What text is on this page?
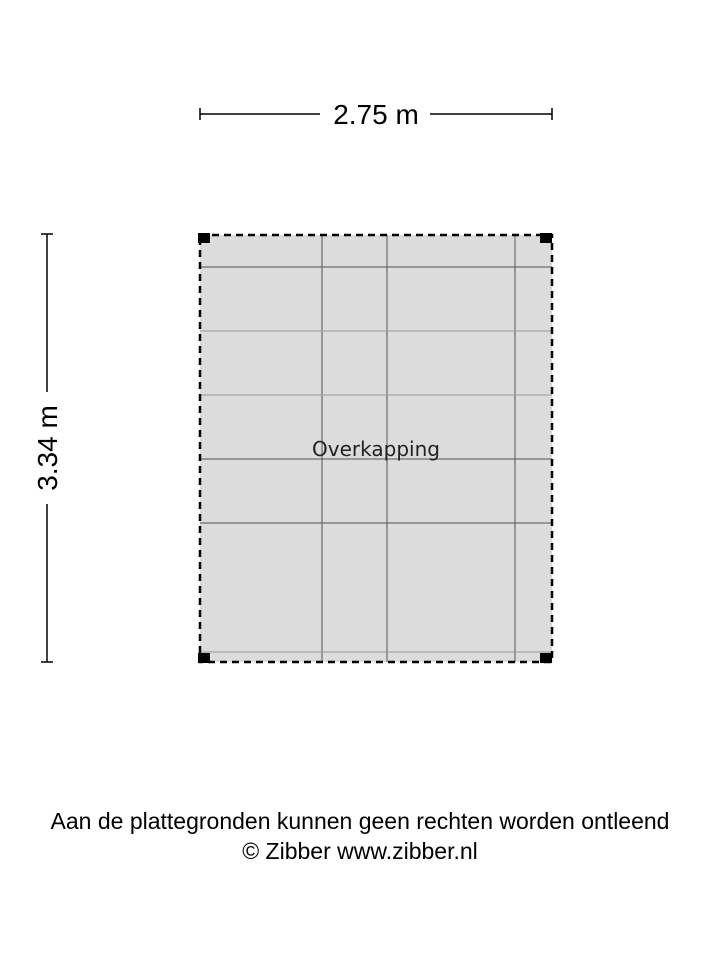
2.75 m
3.34 m	Overkapping
Aan de plattegronden kunnen geen rechten worden ontleend
© Zibber www.zibber.nl
